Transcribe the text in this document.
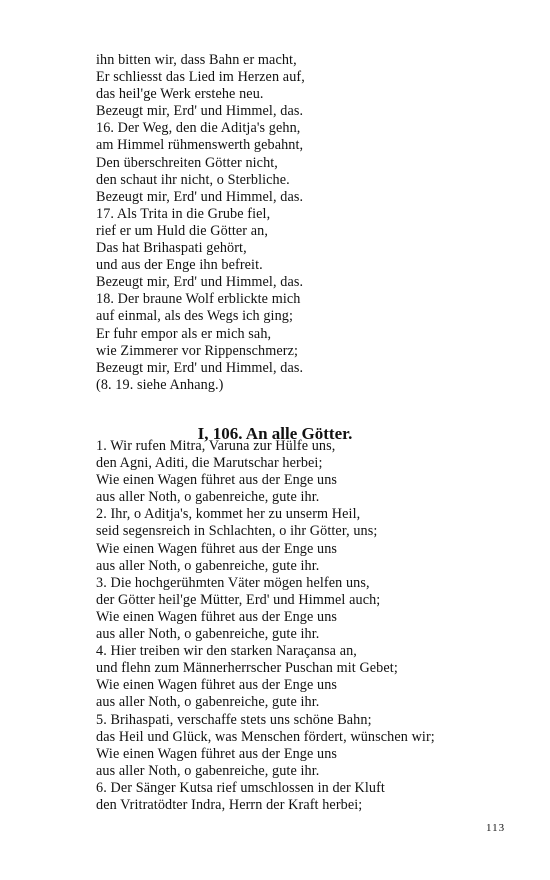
ihn bitten wir, dass Bahn er macht,
Er schliesst das Lied im Herzen auf,
das heil'ge Werk erstehe neu.
Bezeugt mir, Erd' und Himmel, das.
16. Der Weg, den die Aditja's gehn,
am Himmel rühmenswerth gebahnt,
Den überschreiten Götter nicht,
den schaut ihr nicht, o Sterbliche.
Bezeugt mir, Erd' und Himmel, das.
17. Als Trita in die Grube fiel,
rief er um Huld die Götter an,
Das hat Brihaspati gehört,
und aus der Enge ihn befreit.
Bezeugt mir, Erd' und Himmel, das.
18. Der braune Wolf erblickte mich
auf einmal, als des Wegs ich ging;
Er fuhr empor als er mich sah,
wie Zimmerer vor Rippenschmerz;
Bezeugt mir, Erd' und Himmel, das.
(8. 19. siehe Anhang.)
I, 106. An alle Götter.
1. Wir rufen Mitra, Varuna zur Hülfe uns,
den Agni, Aditi, die Marutschar herbei;
Wie einen Wagen führet aus der Enge uns
aus aller Noth, o gabenreiche, gute ihr.
2. Ihr, o Aditja's, kommet her zu unserm Heil,
seid segensreich in Schlachten, o ihr Götter, uns;
Wie einen Wagen führet aus der Enge uns
aus aller Noth, o gabenreiche, gute ihr.
3. Die hochgerühmten Väter mögen helfen uns,
der Götter heil'ge Mütter, Erd' und Himmel auch;
Wie einen Wagen führet aus der Enge uns
aus aller Noth, o gabenreiche, gute ihr.
4. Hier treiben wir den starken Naraçansa an,
und flehn zum Männerherrscher Puschan mit Gebet;
Wie einen Wagen führet aus der Enge uns
aus aller Noth, o gabenreiche, gute ihr.
5. Brihaspati, verschaffe stets uns schöne Bahn;
das Heil und Glück, was Menschen fördert, wünschen wir;
Wie einen Wagen führet aus der Enge uns
aus aller Noth, o gabenreiche, gute ihr.
6. Der Sänger Kutsa rief umschlossen in der Kluft
den Vritratödter Indra, Herrn der Kraft herbei;
113
